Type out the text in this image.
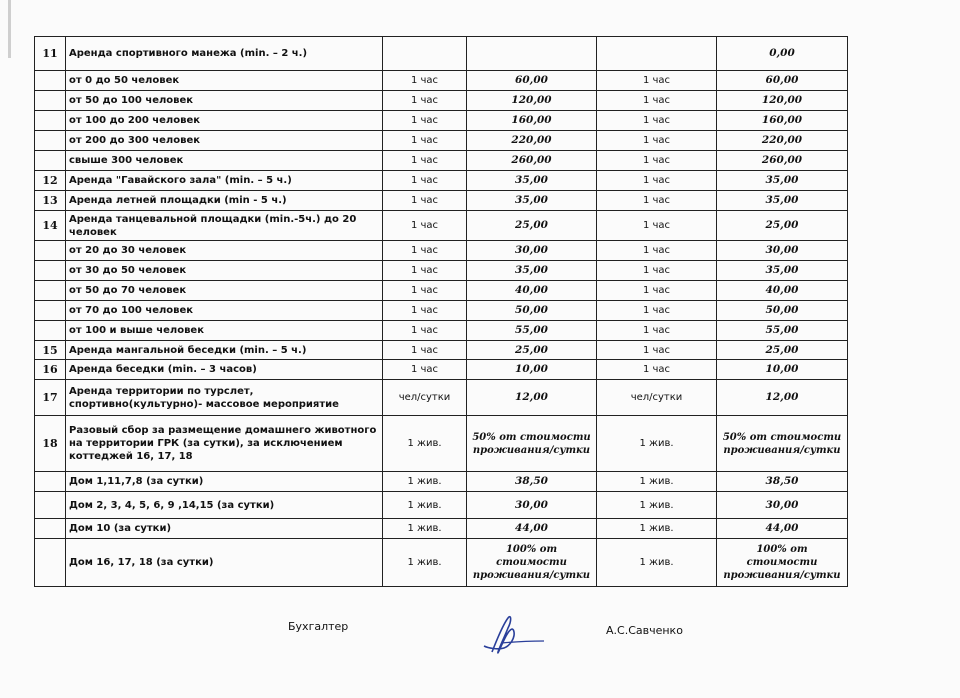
11	Аренда спортивного манежа (min. – 2 ч.)				0,00
	от 0 до 50 человек	1 час	60,00	1 час	60,00
	от 50 до 100 человек	1 час	120,00	1 час	120,00
	от 100 до 200 человек	1 час	160,00	1 час	160,00
	от 200 до 300 человек	1 час	220,00	1 час	220,00
	свыше 300 человек	1 час	260,00	1 час	260,00
12	Аренда "Гавайского зала" (min. – 5 ч.)	1 час	35,00	1 час	35,00
13	Аренда летней площадки (min - 5 ч.)	1 час	35,00	1 час	35,00
14	Аренда танцевальной площадки (min.-5ч.) до 20 человек	1 час	25,00	1 час	25,00
	от 20 до 30 человек	1 час	30,00	1 час	30,00
	от 30 до 50 человек	1 час	35,00	1 час	35,00
	от 50 до 70 человек	1 час	40,00	1 час	40,00
	от 70 до 100 человек	1 час	50,00	1 час	50,00
	от 100 и выше человек	1 час	55,00	1 час	55,00
15	Аренда мангальной беседки (min. – 5 ч.)	1 час	25,00	1 час	25,00
16	Аренда беседки (min. – 3 часов)	1 час	10,00	1 час	10,00
17	Аренда территории по турслет, спортивно(культурно)- массовое мероприятие	чел/сутки	12,00	чел/сутки	12,00
18	Разовый сбор за размещение домашнего животного на территории ГРК (за сутки), за исключением коттеджей 16, 17, 18	1 жив.	50% от стоимости проживания/сутки	1 жив.	50% от стоимости проживания/сутки
	Дом 1,11,7,8 (за сутки)	1 жив.	38,50	1 жив.	38,50
	Дом 2, 3, 4, 5, 6, 9 ,14,15 (за сутки)	1 жив.	30,00	1 жив.	30,00
	Дом 10 (за сутки)	1 жив.	44,00	1 жив.	44,00
	Дом 16, 17, 18 (за сутки)	1 жив.	100% от стоимости проживания/сутки	1 жив.	100% от стоимости проживания/сутки
Бухгалтер	А.С.Савченко
